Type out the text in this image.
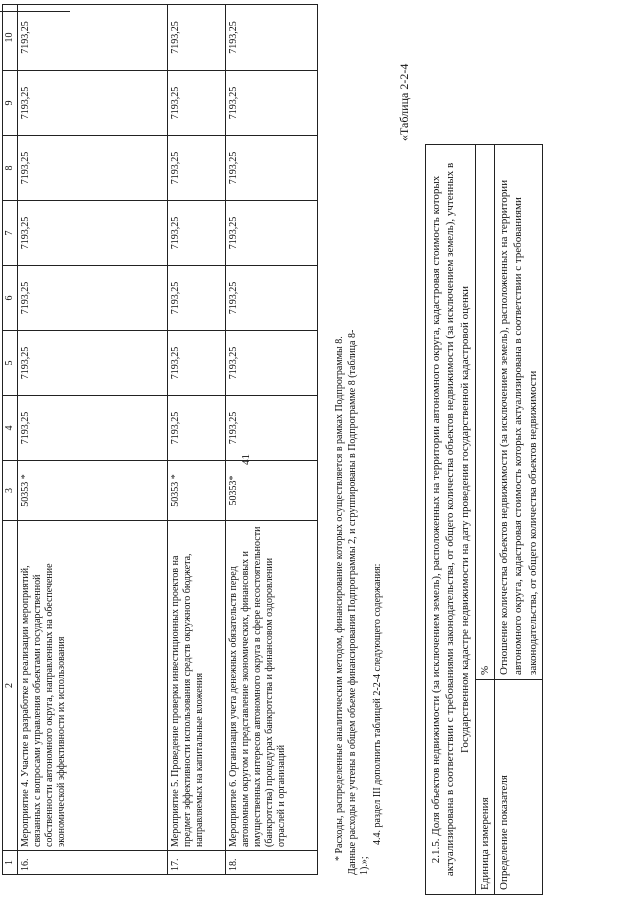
41
1	2	3	4	5	6	7	8	9	10
16.	Мероприятие 4. Участие в разработке и реализации мероприятий, связанных с вопросами управления объектами государственной собственности автономного округа, направленных на обеспечение экономической эффективности их использования	50353 *	7193,25	7193,25	7193,25	7193,25	7193,25	7193,25	7193,25
17.	Мероприятие 5. Проведение проверки инвестиционных проектов на предмет эффективности использования средств окружного бюджета, направляемых на капитальные вложения	50353 *	7193,25	7193,25	7193,25	7193,25	7193,25	7193,25	7193,25
18.	Мероприятие 6. Организация учета денежных обязательств перед автономным округом и представление экономических, финансовых и имущественных интересов автономного округа в сфере несостоятельности (банкротства) процедурах банкротства и финансовом оздоровлении отраслей и организаций	50353*	7193,25	7193,25	7193,25	7193,25	7193,25	7193,25	7193,25

* Расходы, распределенные аналитическим методом, финансирование которых осуществляется в рамках Подпрограммы 8. Данные расходы не учтены в общем объеме финансирования Подпрограммы 2, и сгруппированы в Подпрограмме 8 (таблица 8-1).»;

4.4. раздел III дополнить таблицей 2-2-4 следующего содержания:

«Таблица 2-2-4
2.1.5. Доля объектов недвижимости (за исключением земель), расположенных на территории автономного округа, кадастровая стоимость которых актуализирована в соответствии с требованиями законодательства, от общего количества объектов недвижимости (за исключением земель), учтенных в Государственном кадастре недвижимости на дату проведения государственной кадастровой оценки	
Единица измерения	%
Определение показателя	Отношение количества объектов недвижимости (за исключением земель), расположенных на территории автономного округа, кадастровая стоимость которых актуализирована в соответствии с требованиями законодательства, от общего количества объектов недвижимости
